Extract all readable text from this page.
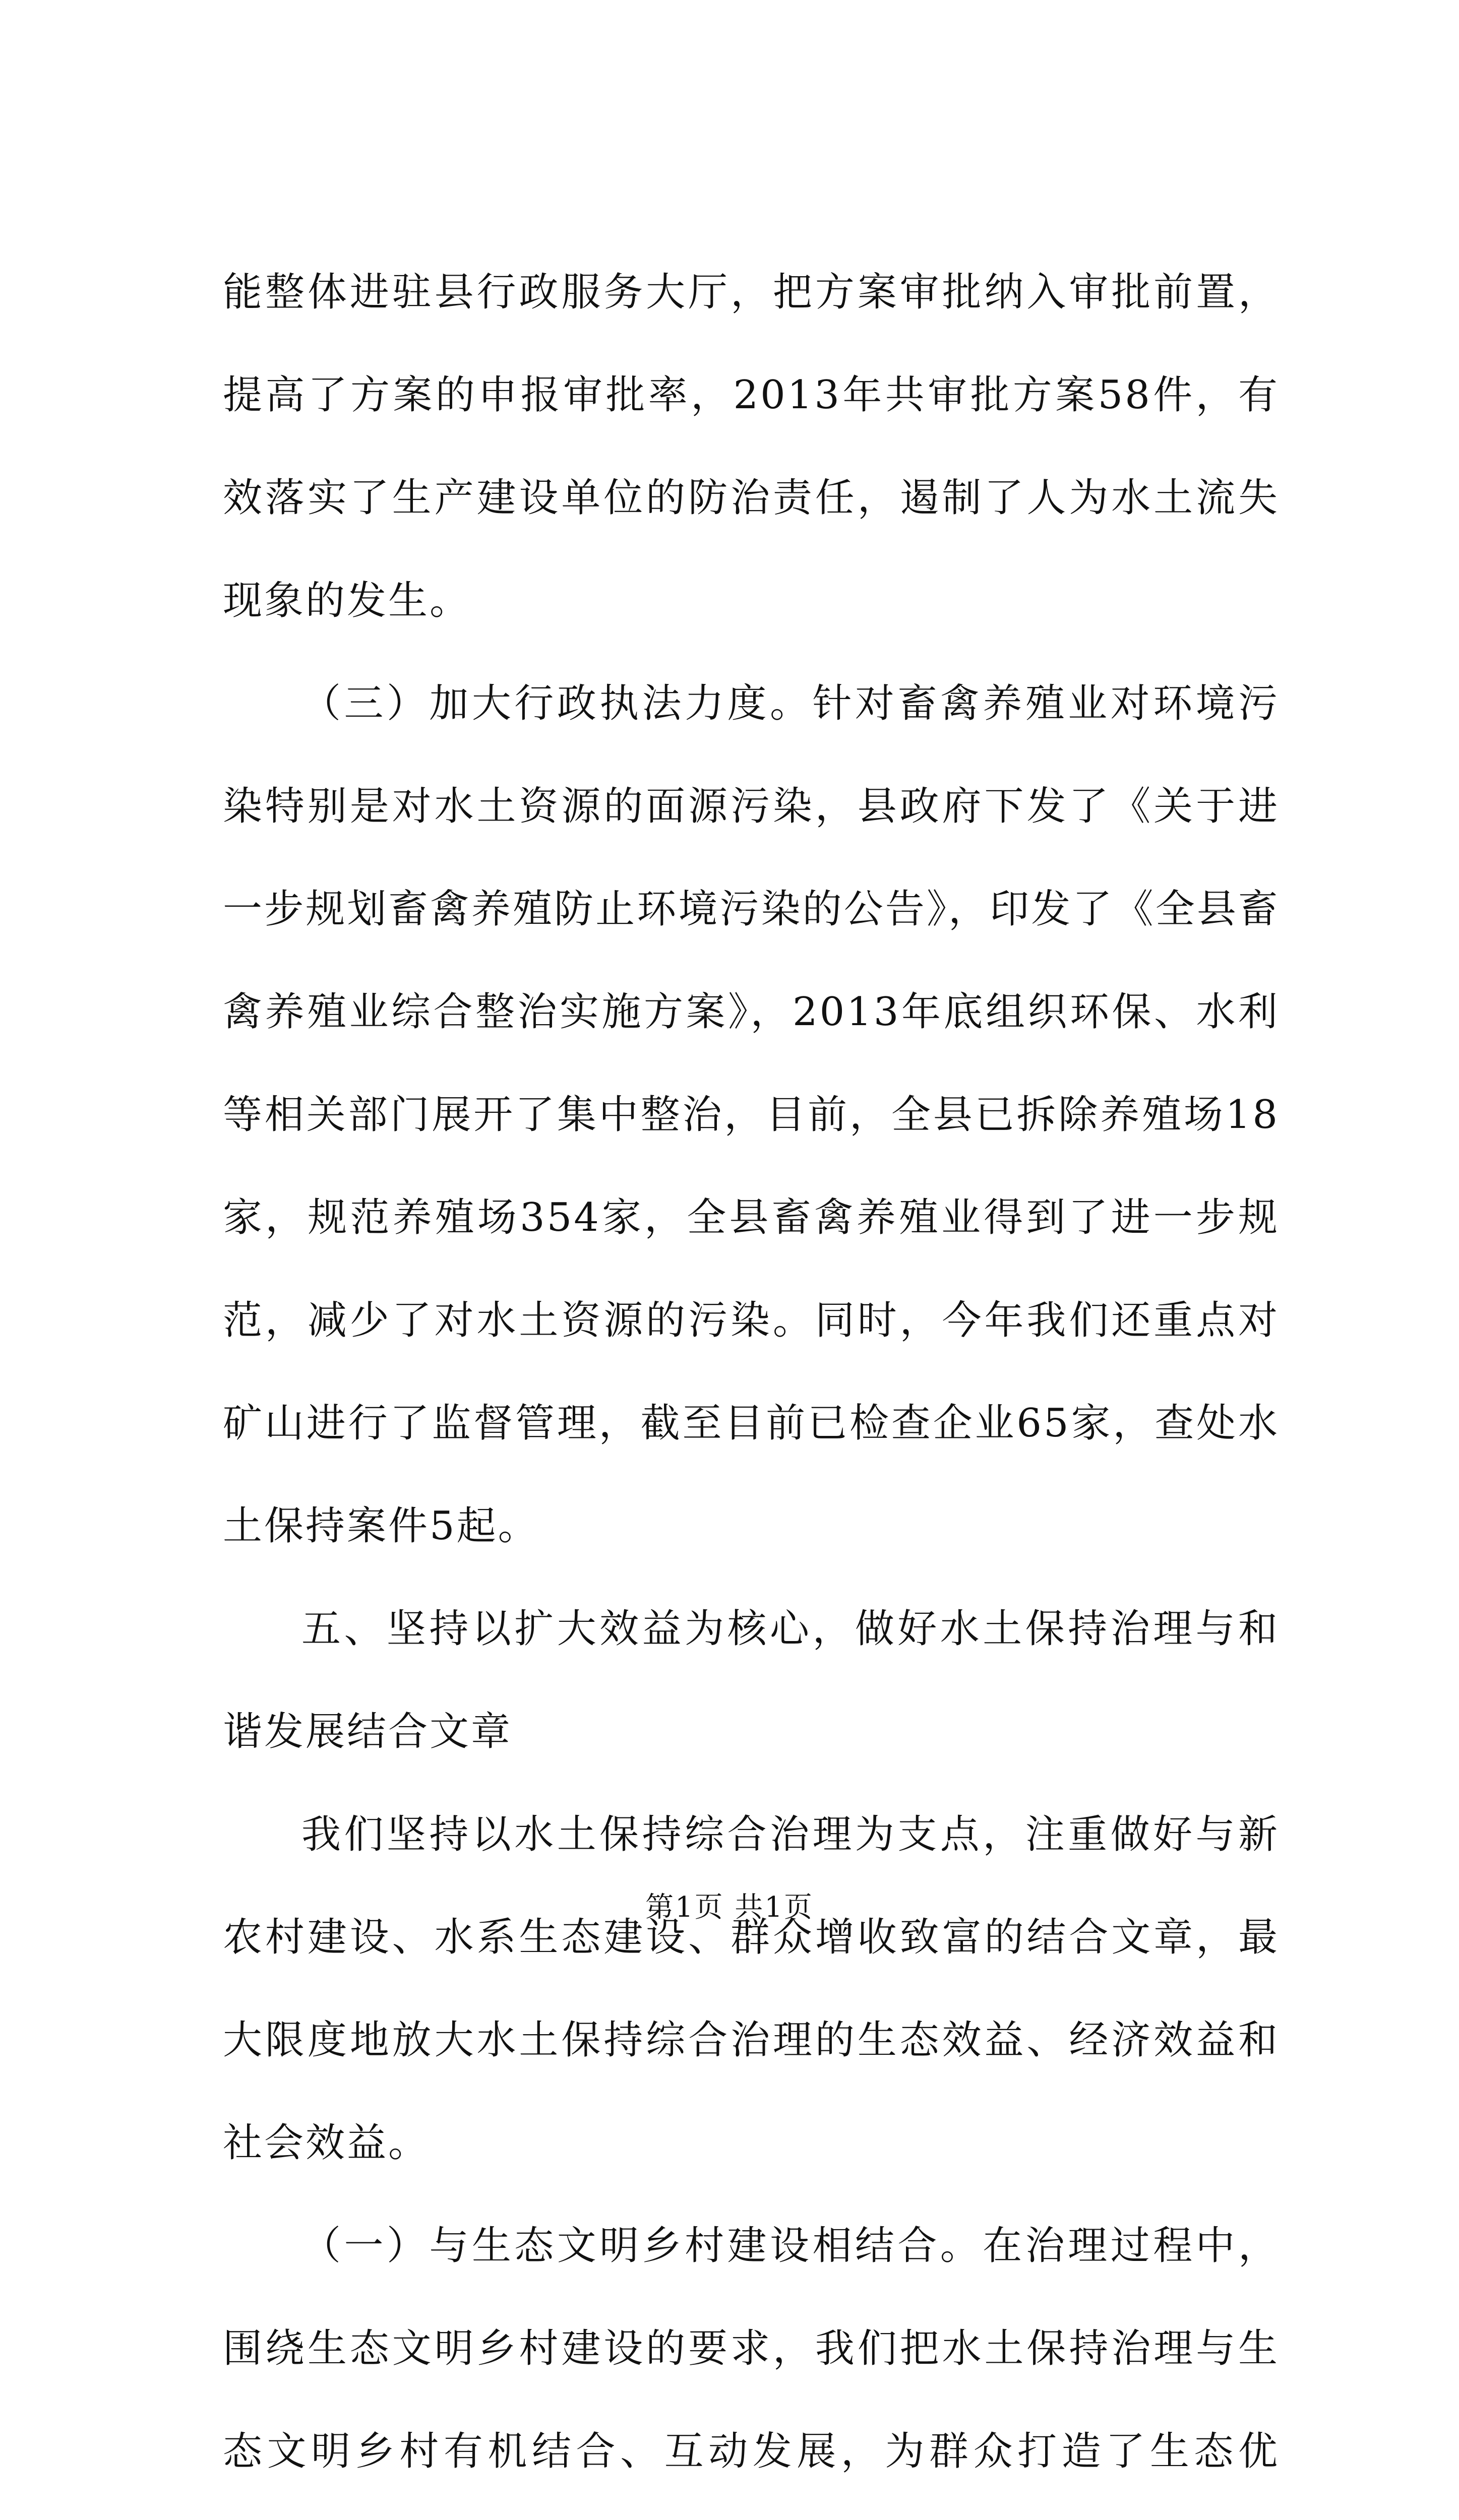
能整体进驻县行政服务大厅，把方案审批纳入审批前置，提高了方案的申报审批率，2013年共审批方案58件，有效落实了生产建设单位的防治责任，遏制了人为水土流失现象的发生。

（三）加大行政执法力度。针对畜禽养殖业对环境污染特别是对水土资源的面源污染，县政府下发了《关于进一步规划畜禽养殖防止环境污染的公告》，印发了《全县畜禽养殖业综合整治实施方案》，2013年底组织环保、水利等相关部门展开了集中整治，目前，全县已拆除养殖场18家，规范养殖场354家，全县畜禽养殖业得到了进一步规范，减少了对水土资源的污染。同时，今年我们还重点对矿山进行了监督管理，截至目前已检查企业65家，查处水土保持案件5起。

五、坚持以扩大效益为核心，做好水土保持治理与和谐发展结合文章

我们坚持以水土保持综合治理为支点，注重做好与新农村建设、水系生态建设、群众增收致富的结合文章，最大限度地放大水土保持综合治理的生态效益、经济效益和社会效益。

（一）与生态文明乡村建设相结合。在治理过程中，围绕生态文明乡村建设的要求，我们把水土保持治理与生态文明乡村有机结合、互动发展，为群众打造了生态优

第1页 共1页
